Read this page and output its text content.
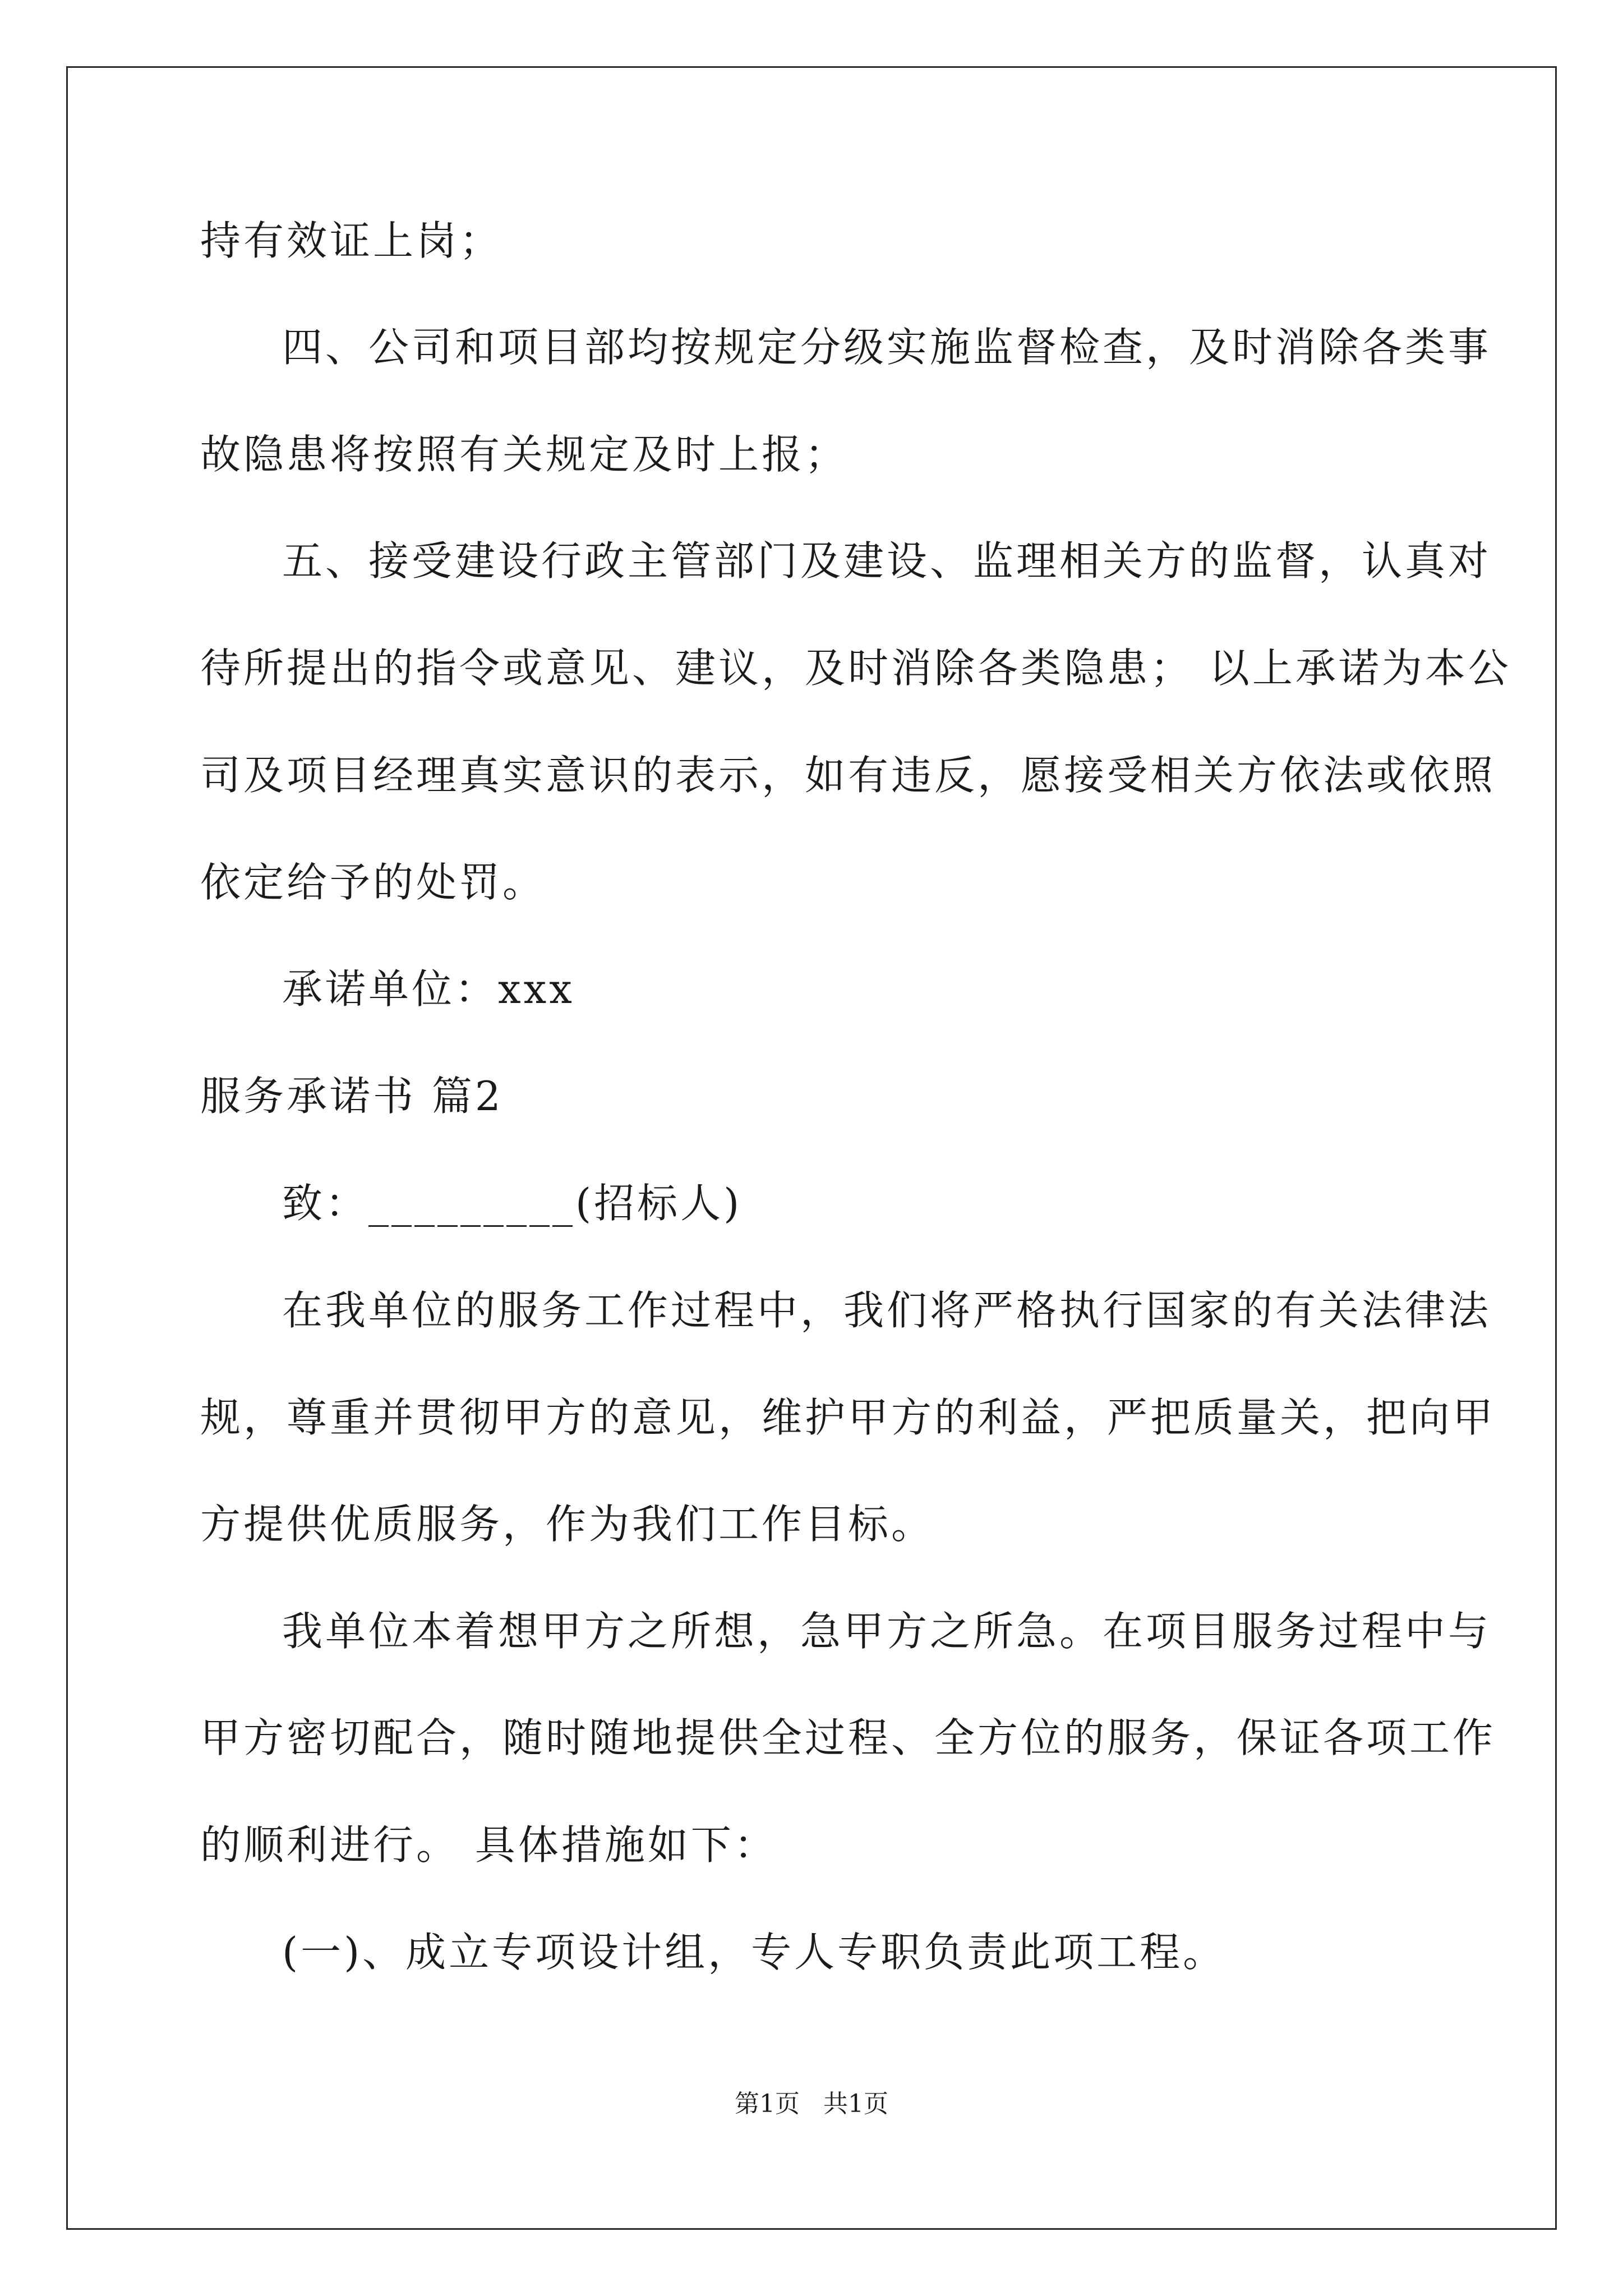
持有效证上岗；
四、公司和项目部均按规定分级实施监督检查，及时消除各类事
故隐患将按照有关规定及时上报；
五、接受建设行政主管部门及建设、监理相关方的监督，认真对
待所提出的指令或意见、建议，及时消除各类隐患； 以上承诺为本公
司及项目经理真实意识的表示，如有违反，愿接受相关方依法或依照
依定给予的处罚。
承诺单位：xxx
服务承诺书 篇2
致：_________(招标人)
在我单位的服务工作过程中，我们将严格执行国家的有关法律法
规，尊重并贯彻甲方的意见，维护甲方的利益，严把质量关，把向甲
方提供优质服务，作为我们工作目标。
我单位本着想甲方之所想，急甲方之所急。在项目服务过程中与
甲方密切配合，随时随地提供全过程、全方位的服务，保证各项工作
的顺利进行。 具体措施如下：
(一)、成立专项设计组，专人专职负责此项工程。
第1页 共1页
